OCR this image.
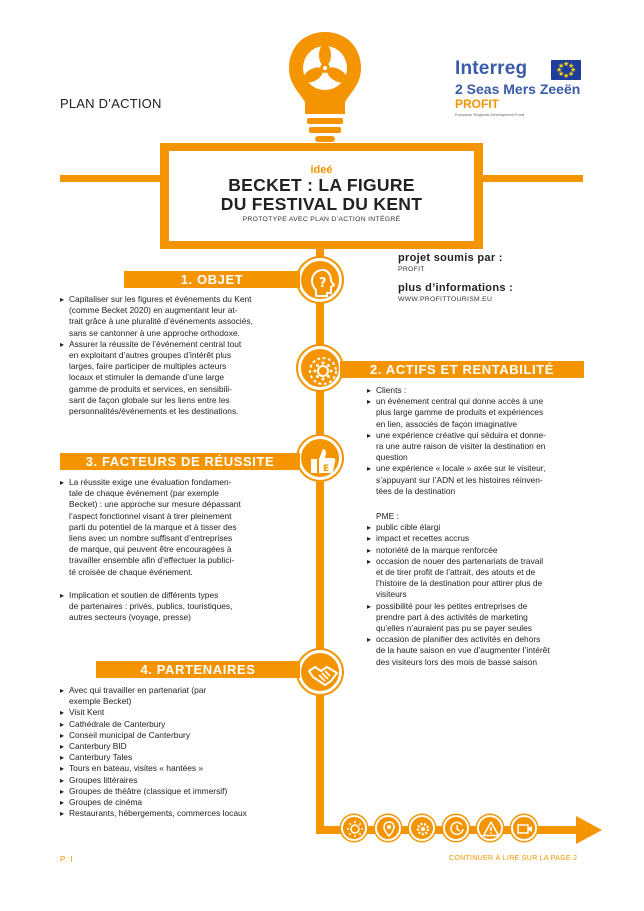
PLAN D’ACTION
Interreg	★
★
★
★
★
★
★
★
2 Seas Mers Zeeën
PROFIT
European Regional Development Fund
ideé
BECKET : LA FIGURE
DU FESTIVAL DU KENT
PROTOTYPE AVEC PLAN D’ACTION INTÉGRÉ
?
E
1. OBJET
2. ACTIFS ET RENTABILITÉ
3. FACTEURS DE RÉUSSITE
4. PARTENAIRES
projet soumis par :
PROFIT
plus d’informations :
WWW.PROFITTOURISM.EU
▸ Capitaliser sur les figures et événements du Kent
(comme Becket 2020) en augmentant leur at-
trait grâce à une pluralité d’événements associés,
sans se cantonner à une approche orthodoxe.
▸ Assurer la réussite de l’événement central tout
en exploitant d’autres groupes d’intérêt plus
larges, faire participer de multiples acteurs
locaux et stimuler la demande d’une large
gamme de produits et services, en sensibili-
sant de façon globale sur les liens entre les
personnalités/événements et les destinations.
▸ Clients :
▸ un événement central qui donne accès à une
plus large gamme de produits et expériences
en lien, associés de façon imaginative
▸ une expérience créative qui séduira et donne-
ra une autre raison de visiter la destination en
question
▸ une expérience « locale » axée sur le visiteur,
s’appuyant sur l’ADN et les histoires réinven-
tées de la destination
PME :
▸ public cible élargi
▸ impact et recettes accrus
▸ notoriété de la marque renforcée
▸ occasion de nouer des partenariats de travail
et de tirer profit de l’attrait, des atouts et de
l’histoire de la destination pour attirer plus de
visiteurs
▸ possibilité pour les petites entreprises de
prendre part à des activités de marketing
qu’elles n’auraient pas pu se payer seules
▸ occasion de planifier des activités en dehors
de la haute saison en vue d’augmenter l’intérêt
des visiteurs lors des mois de basse saison
▸ La réussite exige une évaluation fondamen-
tale de chaque événement (par exemple
Becket) : une approche sur mesure dépassant
l’aspect fonctionnel visant à tirer pleinement
parti du potentiel de la marque et à tisser des
liens avec un nombre suffisant d’entreprises
de marque, qui peuvent être encouragées à
travailler ensemble afin d’effectuer la publici-
té croisée de chaque événement.
▸ Implication et soutien de différents types
de partenaires : privés, publics, touristiques,
autres secteurs (voyage, presse)
▸ Avec qui travailler en partenariat (par
exemple Becket)
▸ Visit Kent
▸ Cathédrale de Canterbury
▸ Conseil municipal de Canterbury
▸ Canterbury BID
▸ Canterbury Tales
▸ Tours en bateau, visites « hantées »
▸ Groupes littéraires
▸ Groupes de théâtre (classique et immersif)
▸ Groupes de cinéma
▸ Restaurants, hébergements, commerces locaux
P. I	CONTINUER À LIRE SUR LA PAGE 2
